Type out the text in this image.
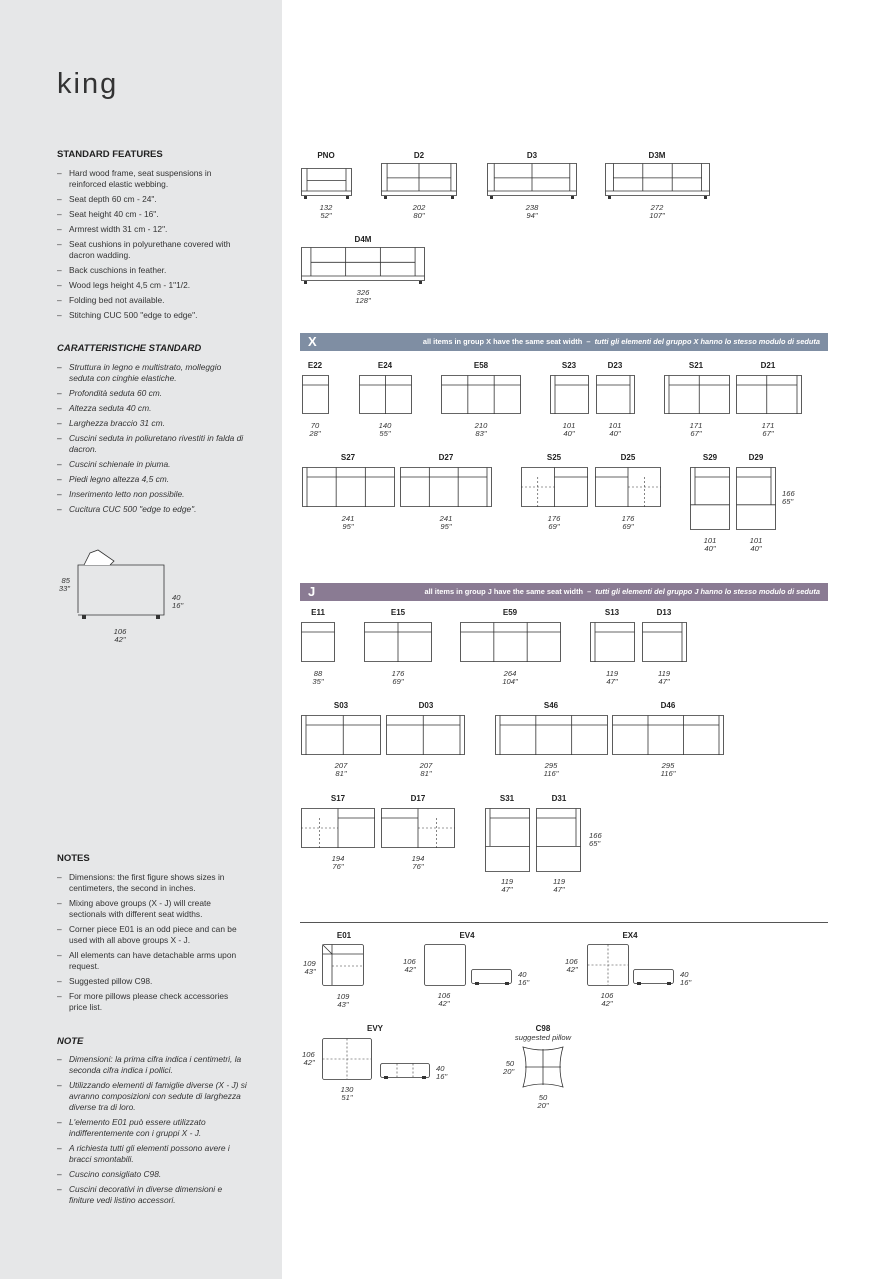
king
STANDARD FEATURES
– Hard wood frame, seat suspensions in reinforced elastic webbing.
– Seat depth 60 cm - 24".
– Seat height 40 cm - 16".
– Armrest width 31 cm - 12".
– Seat cushions in polyurethane covered with dacron wadding.
– Back cuschions in feather.
– Wood legs height 4,5 cm - 1"1/2.
– Folding bed not available.
– Stitching CUC 500 "edge to edge".
CARATTERISTICHE STANDARD
– Struttura in legno e multistrato, molleggio seduta con cinghie elastiche.
– Profondità seduta 60 cm.
– Altezza seduta 40 cm.
– Larghezza braccio 31 cm.
– Cuscini seduta in poliuretano rivestiti in falda di dacron.
– Cuscini schienale in piuma.
– Piedi legno altezza 4,5 cm.
– Inserimento letto non possibile.
– Cucitura CUC 500 "edge to edge".
85
33"
40
16"
106
42"
NOTES
– Dimensions: the first figure shows sizes in centimeters, the second in inches.
– Mixing above groups (X - J) will create sectionals with different seat widths.
– Corner piece E01 is an odd piece and can be used with all above groups X - J.
– All elements can have detachable arms upon request.
– Suggested pillow C98.
– For more pillows please check accessories price list.
NOTE
– Dimensioni: la prima cifra indica i centimetri, la seconda cifra indica i pollici.
– Utilizzando elementi di famiglie diverse (X - J) si avranno composizioni con sedute di larghezza diverse tra di loro.
– L'elemento E01 può essere utilizzato indifferentemente con i gruppi X - J.
– A richiesta tutti gli elementi possono avere i bracci smontabili.
– Cuscino consigliato C98.
– Cuscini decorativi in diverse dimensioni e finiture vedi listino accessori.
X	all items in group X have the same seat width  –  tutti gli elementi del gruppo X hanno lo stesso modulo di seduta
J	all items in group J have the same seat width  –  tutti gli elementi del gruppo J hanno lo stesso modulo di seduta
PNO
132
52"
D2
202
80"
D3
238
94"
D3M
272
107"
D4M
326
128"
E22
70
28"
E24
140
55"
E58
210
83"
S23
101
40"
D23
101
40"
S21
171
67"
D21
171
67"
S27
241
95"
D27
241
95"
S25
176
69"
D25
176
69"
S29
101
40"
D29
101
40"
E11
88
35"
E15
176
69"
E59
264
104"
S13
119
47"
D13
119
47"
S03
207
81"
D03
207
81"
S46
295
116"
D46
295
116"
S17
194
76"
D17
194
76"
S31
119
47"
D31
119
47"
166
65"
166
65"
E01
109
43"
109
43"
EV4
106
42"
106
42"
40
16"
EX4
106
42"
106
42"
40
16"
EVY
106
42"
130
51"
40
16"
C98
suggested pillow
50
20"
50
20"
